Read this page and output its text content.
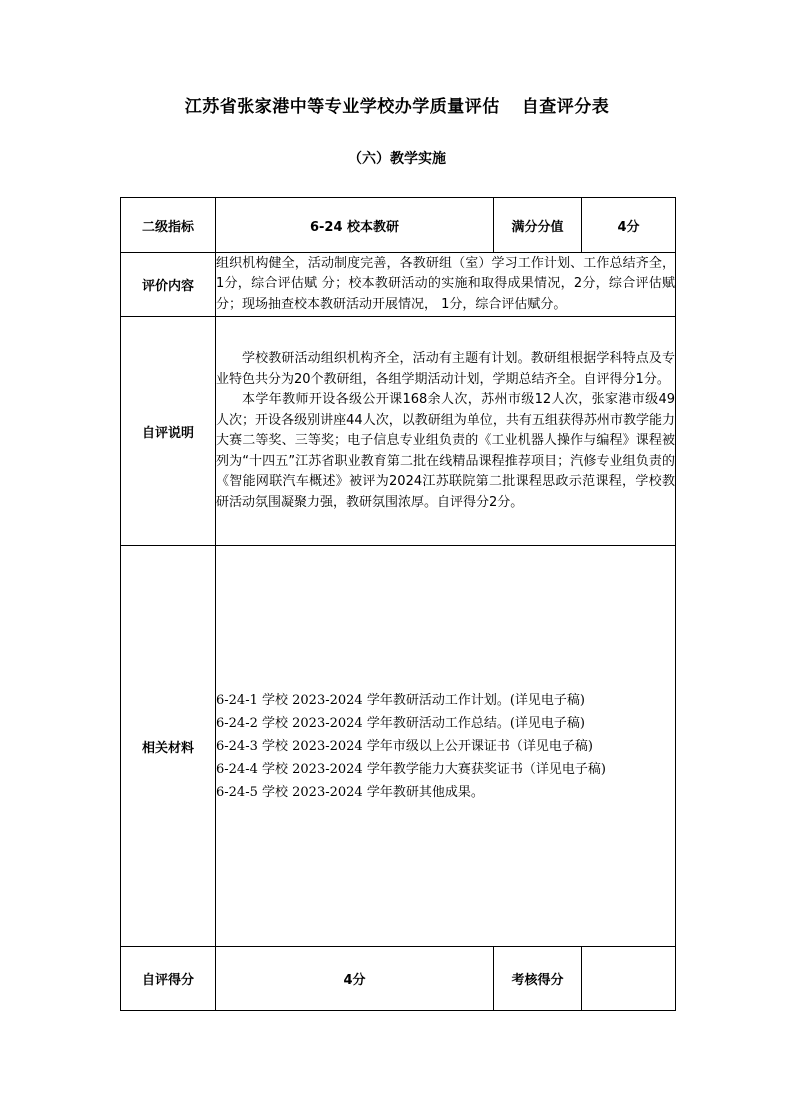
江苏省张家港中等专业学校办学质量评估 自查评分表
（六）教学实施
二级指标	6-24 校本教研	满分分值	4分
评价内容	组织机构健全，活动制度完善，各教研组（室）学习工作计划、工作总结齐全，1分，综合评估赋 分；校本教研活动的实施和取得成果情况，2分，综合评估赋分；现场抽查校本教研活动开展情况， 1分，综合评估赋分。		
自评说明	学校教研活动组织机构齐全，活动有主题有计划。教研组根据学科特点及专业特色共分为20个教研组，各组学期活动计划，学期总结齐全。自评得分1分。

本学年教师开设各级公开课168余人次，苏州市级12人次，张家港市级49人次；开设各级别讲座44人次，以教研组为单位，共有五组获得苏州市教学能力大赛二等奖、三等奖；电子信息专业组负责的《工业机器人操作与编程》课程被列为“十四五”江苏省职业教育第二批在线精品课程推荐项目；汽修专业组负责的《智能网联汽车概述》被评为2024江苏联院第二批课程思政示范课程，学校教研活动氛围凝聚力强，教研氛围浓厚。自评得分2分。		

相关材料	6-24-1 学校 2023-2024 学年教研活动工作计划。(详见电子稿)
6-24-2 学校 2023-2024 学年教研活动工作总结。(详见电子稿)
6-24-3 学校 2023-2024 学年市级以上公开课证书（详见电子稿)
6-24-4 学校 2023-2024 学年教学能力大赛获奖证书（详见电子稿)
6-24-5 学校 2023-2024 学年教研其他成果。		

自评得分	4分	考核得分	
